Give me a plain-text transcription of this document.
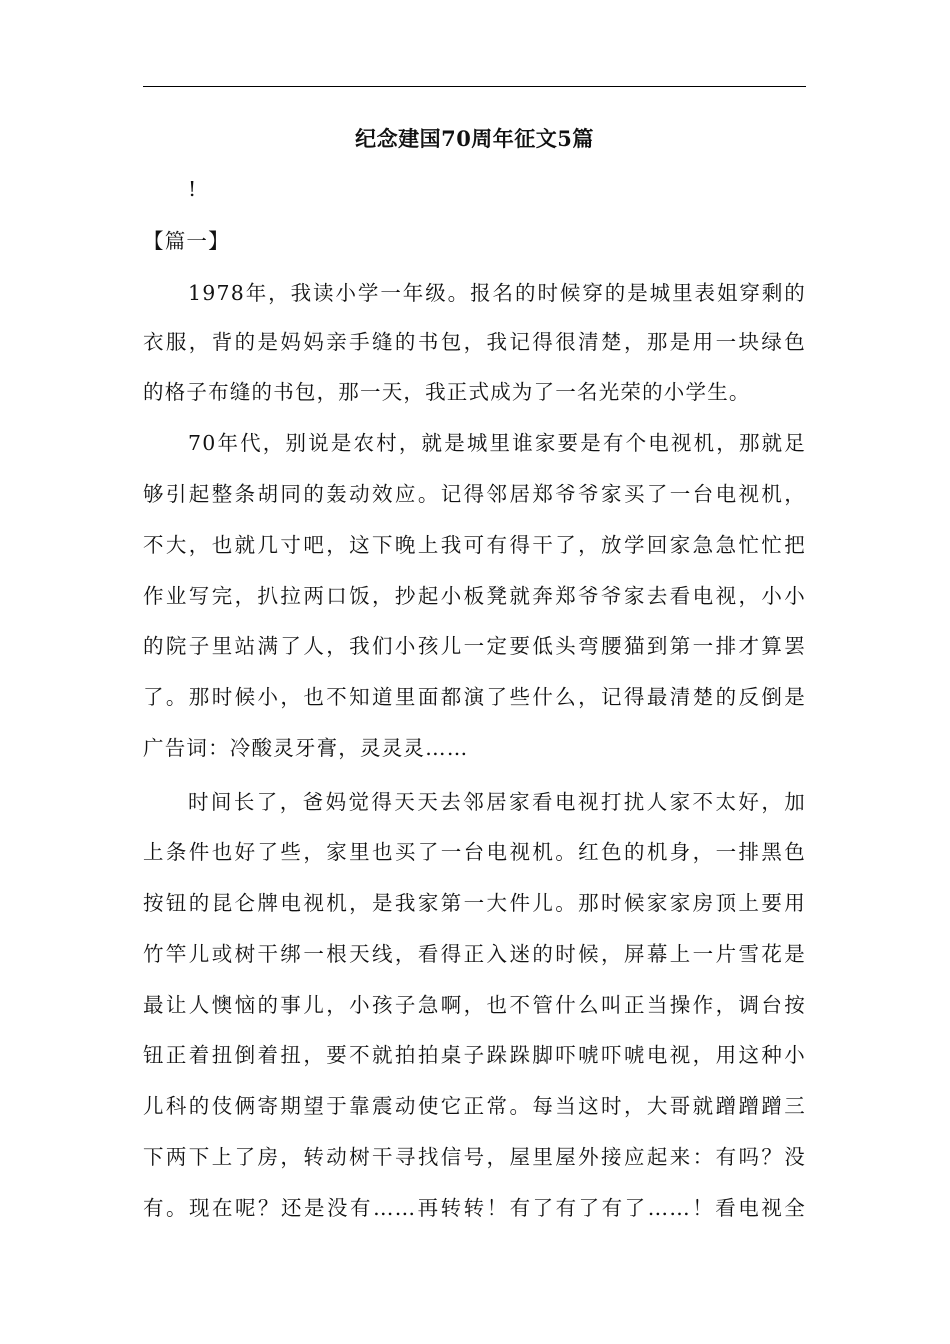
纪念建国70周年征文5篇
!
【篇一】
1978年，我读小学一年级。报名的时候穿的是城里表姐穿剩的
衣服，背的是妈妈亲手缝的书包，我记得很清楚，那是用一块绿色
的格子布缝的书包，那一天，我正式成为了一名光荣的小学生。
70年代，别说是农村，就是城里谁家要是有个电视机，那就足
够引起整条胡同的轰动效应。记得邻居郑爷爷家买了一台电视机，
不大，也就几寸吧，这下晚上我可有得干了，放学回家急急忙忙把
作业写完，扒拉两口饭，抄起小板凳就奔郑爷爷家去看电视，小小
的院子里站满了人，我们小孩儿一定要低头弯腰猫到第一排才算罢
了。那时候小，也不知道里面都演了些什么，记得最清楚的反倒是
广告词：冷酸灵牙膏，灵灵灵……
时间长了，爸妈觉得天天去邻居家看电视打扰人家不太好，加
上条件也好了些，家里也买了一台电视机。红色的机身，一排黑色
按钮的昆仑牌电视机，是我家第一大件儿。那时候家家房顶上要用
竹竿儿或树干绑一根天线，看得正入迷的时候，屏幕上一片雪花是
最让人懊恼的事儿，小孩子急啊，也不管什么叫正当操作，调台按
钮正着扭倒着扭，要不就拍拍桌子跺跺脚吓唬吓唬电视，用这种小
儿科的伎俩寄期望于靠震动使它正常。每当这时，大哥就蹭蹭蹭三
下两下上了房，转动树干寻找信号，屋里屋外接应起来：有吗？没
有。现在呢？还是没有……再转转！有了有了有了……！看电视全
